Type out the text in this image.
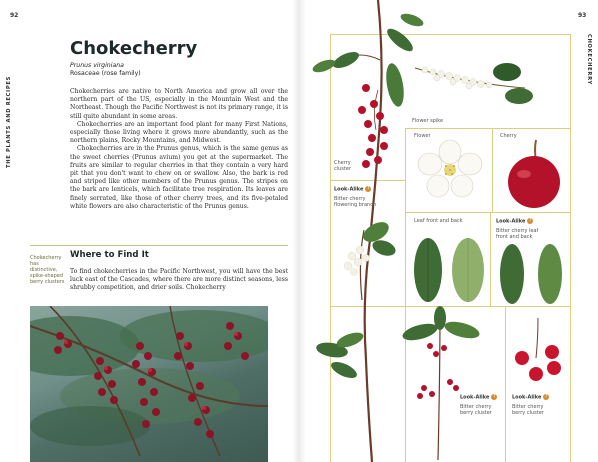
92
THE PLANTS AND RECIPES
Chokecherry
Prunus virginiana
Rosaceae (rose family)

Chokecherries are native to North America and grow all over the northern part of the US, especially in the Mountain West and the Northeast. Though the Pacific Northwest is not its primary range, it is still quite abundant in some areas.

Chokecherries are an important food plant for many First Nations, especially those living where it grows more abundantly, such as the northern plains, Rocky Mountains, and Midwest.

Chokecherries are in the Prunus genus, which is the same genus as the sweet cherries (Prunus avium) you get at the supermarket. The fruits are similar to regular cherries in that they contain a very hard pit that you don't want to chew on or swallow. Also, the bark is red and striped like other members of the Prunus genus. The stripes on the bark are lenticels, which facilitate tree respiration. Its leaves are finely serrated, like those of other cherry trees, and its five-petaled white flowers are also characteristic of the Prunus genus.

Where to Find It
Chokecherry has distinctive, spike-shaped berry clusters

To find chokecherries in the Pacific Northwest, you will have the best luck east of the Cascades, where there are more distinct seasons, less shrubby competition, and drier soils. Chokecherry

93
CHOKECHERRY
Flower spike
Cherry cluster
Flower	Cherry
Look-Alike !
Bitter cherry flowering branch
Leaf front and back	Look-Alike !
Bitter cherry leaf front and back
Look-Alike !
Bitter cherry berry cluster
Look-Alike !
Bitter cherry berry cluster
